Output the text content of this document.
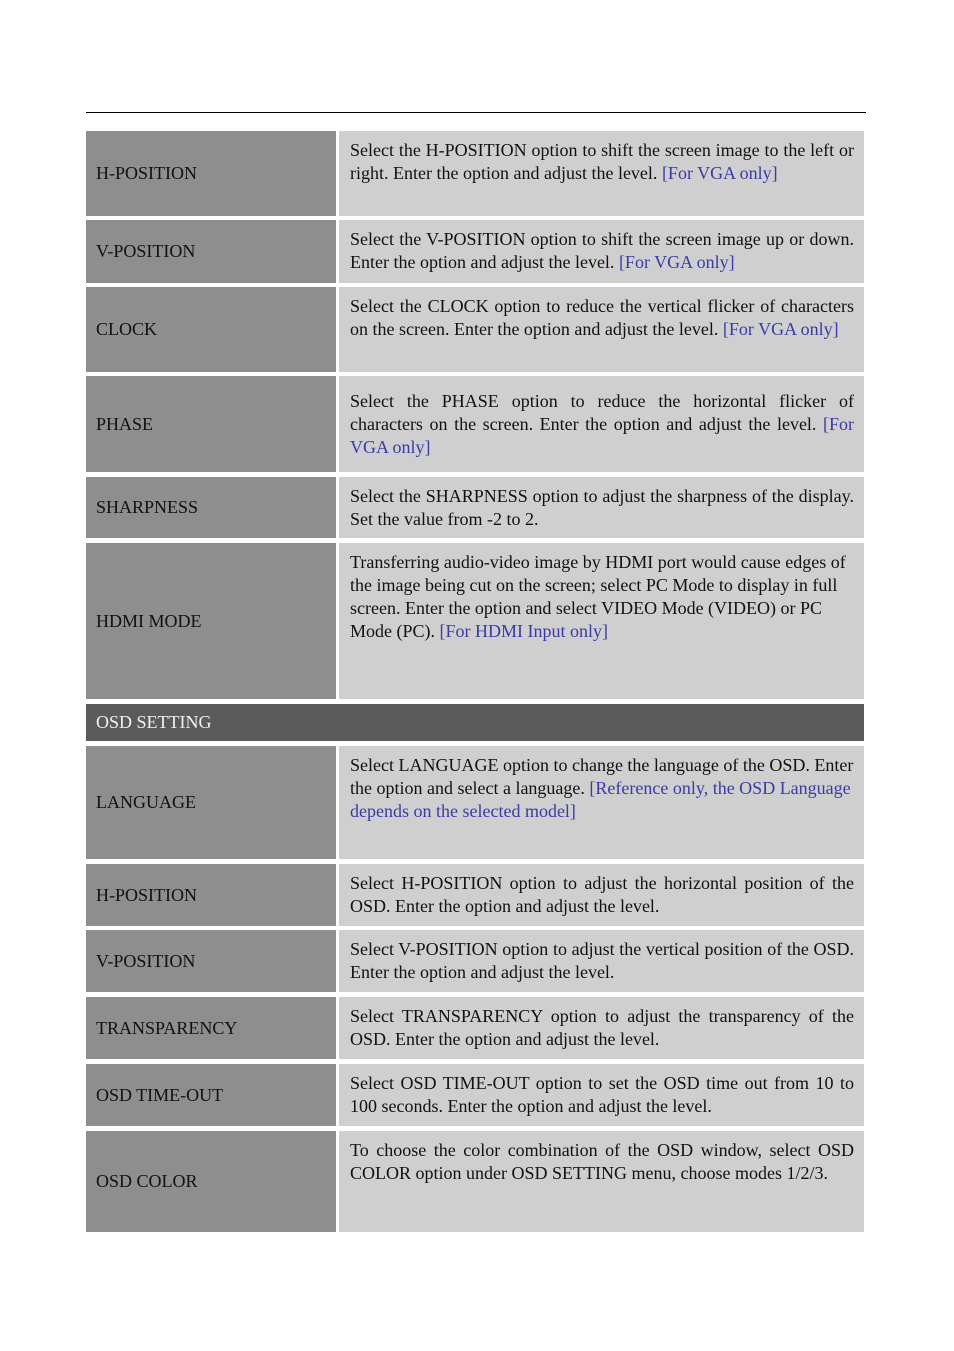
H-POSITION
Select the H-POSITION option to shift the screen image to the left or right. Enter the option and adjust the level. [For VGA only]
V-POSITION
Select the V-POSITION option to shift the screen image up or down. Enter the option and adjust the level. [For VGA only]
CLOCK
Select the CLOCK option to reduce the vertical flicker of characters on the screen. Enter the option and adjust the level. [For VGA only]
PHASE
Select the PHASE option to reduce the horizontal flicker of characters on the screen. Enter the option and adjust the level. [For VGA only]
SHARPNESS
Select the SHARPNESS option to adjust the sharpness of the display. Set the value from -2 to 2.
HDMI MODE
Transferring audio-video image by HDMI port would cause edges of the image being cut on the screen; select PC Mode to display in full screen. Enter the option and select VIDEO Mode (VIDEO) or PC Mode (PC). [For HDMI Input only]
OSD SETTING
LANGUAGE
Select LANGUAGE option to change the language of the OSD. Enter the option and select a language. [Reference only, the OSD Language depends on the selected model]
H-POSITION
Select H-POSITION option to adjust the horizontal position of the OSD. Enter the option and adjust the level.
V-POSITION
Select V-POSITION option to adjust the vertical position of the OSD. Enter the option and adjust the level.
TRANSPARENCY
Select TRANSPARENCY option to adjust the transparency of the OSD. Enter the option and adjust the level.
OSD TIME-OUT
Select OSD TIME-OUT option to set the OSD time out from 10 to 100 seconds. Enter the option and adjust the level.
OSD COLOR
To choose the color combination of the OSD window, select OSD COLOR option under OSD SETTING menu, choose modes 1/2/3.
